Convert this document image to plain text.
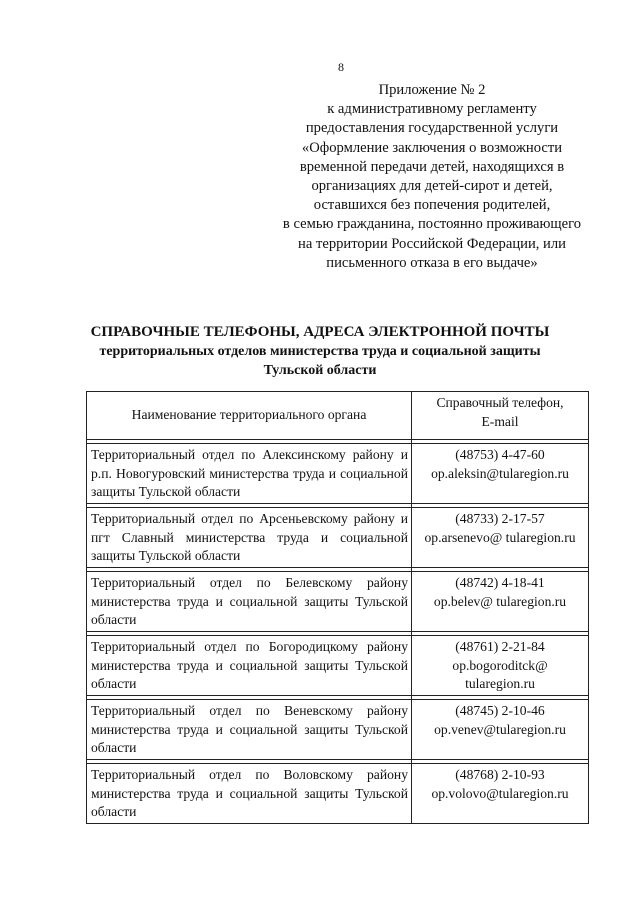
8
Приложение № 2
к административному регламенту
предоставления государственной услуги
«Оформление заключения о возможности
временной передачи детей, находящихся в
организациях для детей-сирот и детей,
оставшихся без попечения родителей,
в семью гражданина, постоянно проживающего
на территории Российской Федерации, или
письменного отказа в его выдаче»
СПРАВОЧНЫЕ ТЕЛЕФОНЫ, АДРЕСА ЭЛЕКТРОННОЙ ПОЧТЫ
территориальных отделов министерства труда и социальной защиты
Тульской области
Наименование территориального органа	Справочный телефон,
E-mail

Территориальный отдел по Алексинскому району и р.п. Новогуровский министерства труда и социальной защиты Тульской области	(48753) 4-47-60
op.aleksin@tularegion.ru

Территориальный отдел по Арсеньевскому району и пгт Славный министерства труда и социальной защиты Тульской области	(48733) 2-17-57
op.arsenevo@ tularegion.ru

Территориальный отдел по Белевскому району министерства труда и социальной защиты Тульской области	(48742) 4-18-41
op.belev@ tularegion.ru

Территориальный отдел по Богородицкому району министерства труда и социальной защиты Тульской области	(48761) 2-21-84
op.bogoroditck@
tularegion.ru

Территориальный отдел по Веневскому району министерства труда и социальной защиты Тульской области	(48745) 2-10-46
op.venev@tularegion.ru

Территориальный отдел по Воловскому району министерства труда и социальной защиты Тульской области	(48768) 2-10-93
op.volovo@tularegion.ru
